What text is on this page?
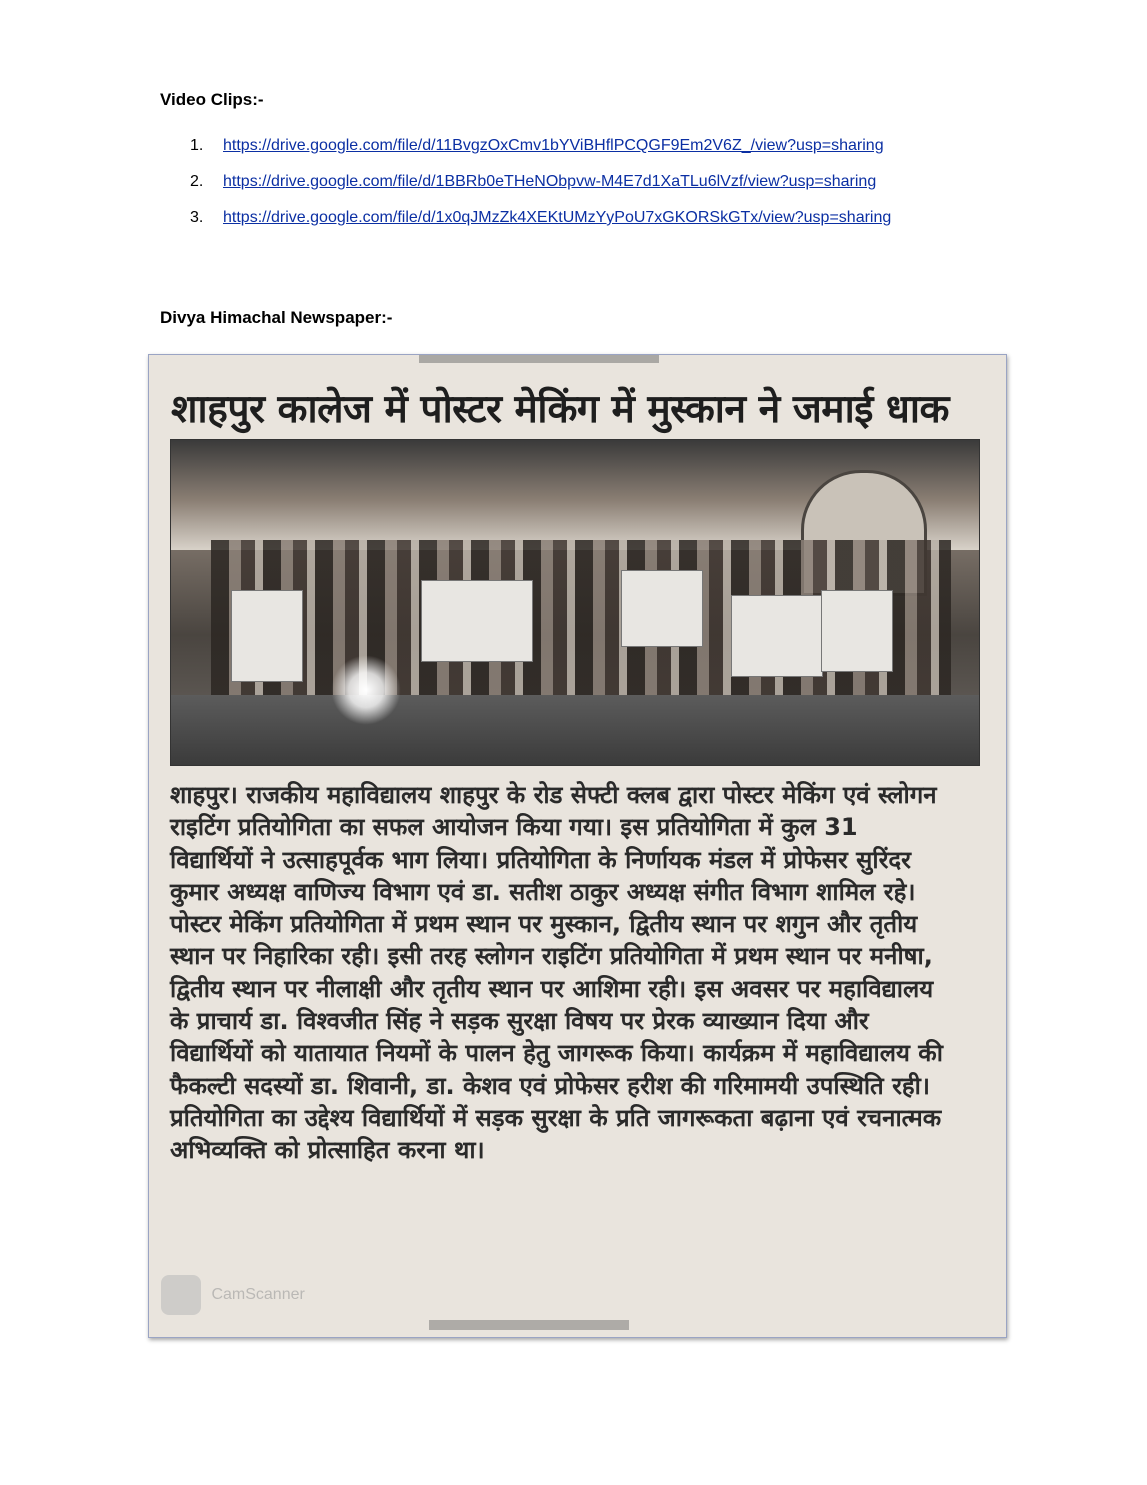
Video Clips:-
1.	https://drive.google.com/file/d/11BvgzOxCmv1bYViBHflPCQGF9Em2V6Z_/view?usp=sharing
2.	https://drive.google.com/file/d/1BBRb0eTHeNObpvw-M4E7d1XaTLu6lVzf/view?usp=sharing
3.	https://drive.google.com/file/d/1x0qJMzZk4XEKtUMzYyPoU7xGKORSkGTx/view?usp=sharing
Divya Himachal Newspaper:-
शाहपुर कालेज में पोस्टर मेकिंग में मुस्कान ने जमाई धाक
शाहपुर। राजकीय महाविद्यालय शाहपुर के रोड सेफ्टी क्लब द्वारा पोस्टर मेकिंग एवं स्लोगन राइटिंग प्रतियोगिता का सफल आयोजन किया गया। इस प्रतियोगिता में कुल 31 विद्यार्थियों ने उत्साहपूर्वक भाग लिया। प्रतियोगिता के निर्णायक मंडल में प्रोफेसर सुरिंदर कुमार अध्यक्ष वाणिज्य विभाग एवं डा. सतीश ठाकुर अध्यक्ष संगीत विभाग शामिल रहे। पोस्टर मेकिंग प्रतियोगिता में प्रथम स्थान पर मुस्कान, द्वितीय स्थान पर शगुन और तृतीय स्थान पर निहारिका रही। इसी तरह स्लोगन राइटिंग प्रतियोगिता में प्रथम स्थान पर मनीषा, द्वितीय स्थान पर नीलाक्षी और तृतीय स्थान पर आशिमा रही। इस अवसर पर महाविद्यालय के प्राचार्य डा. विश्वजीत सिंह ने सड़क सुरक्षा विषय पर प्रेरक व्याख्यान दिया और विद्यार्थियों को यातायात नियमों के पालन हेतु जागरूक किया। कार्यक्रम में महाविद्यालय की फैकल्टी सदस्यों डा. शिवानी, डा. केशव एवं प्रोफेसर हरीश की गरिमामयी उपस्थिति रही। प्रतियोगिता का उद्देश्य विद्यार्थियों में सड़क सुरक्षा के प्रति जागरूकता बढ़ाना एवं रचनात्मक अभिव्यक्ति को प्रोत्साहित करना था।
CamScanner
